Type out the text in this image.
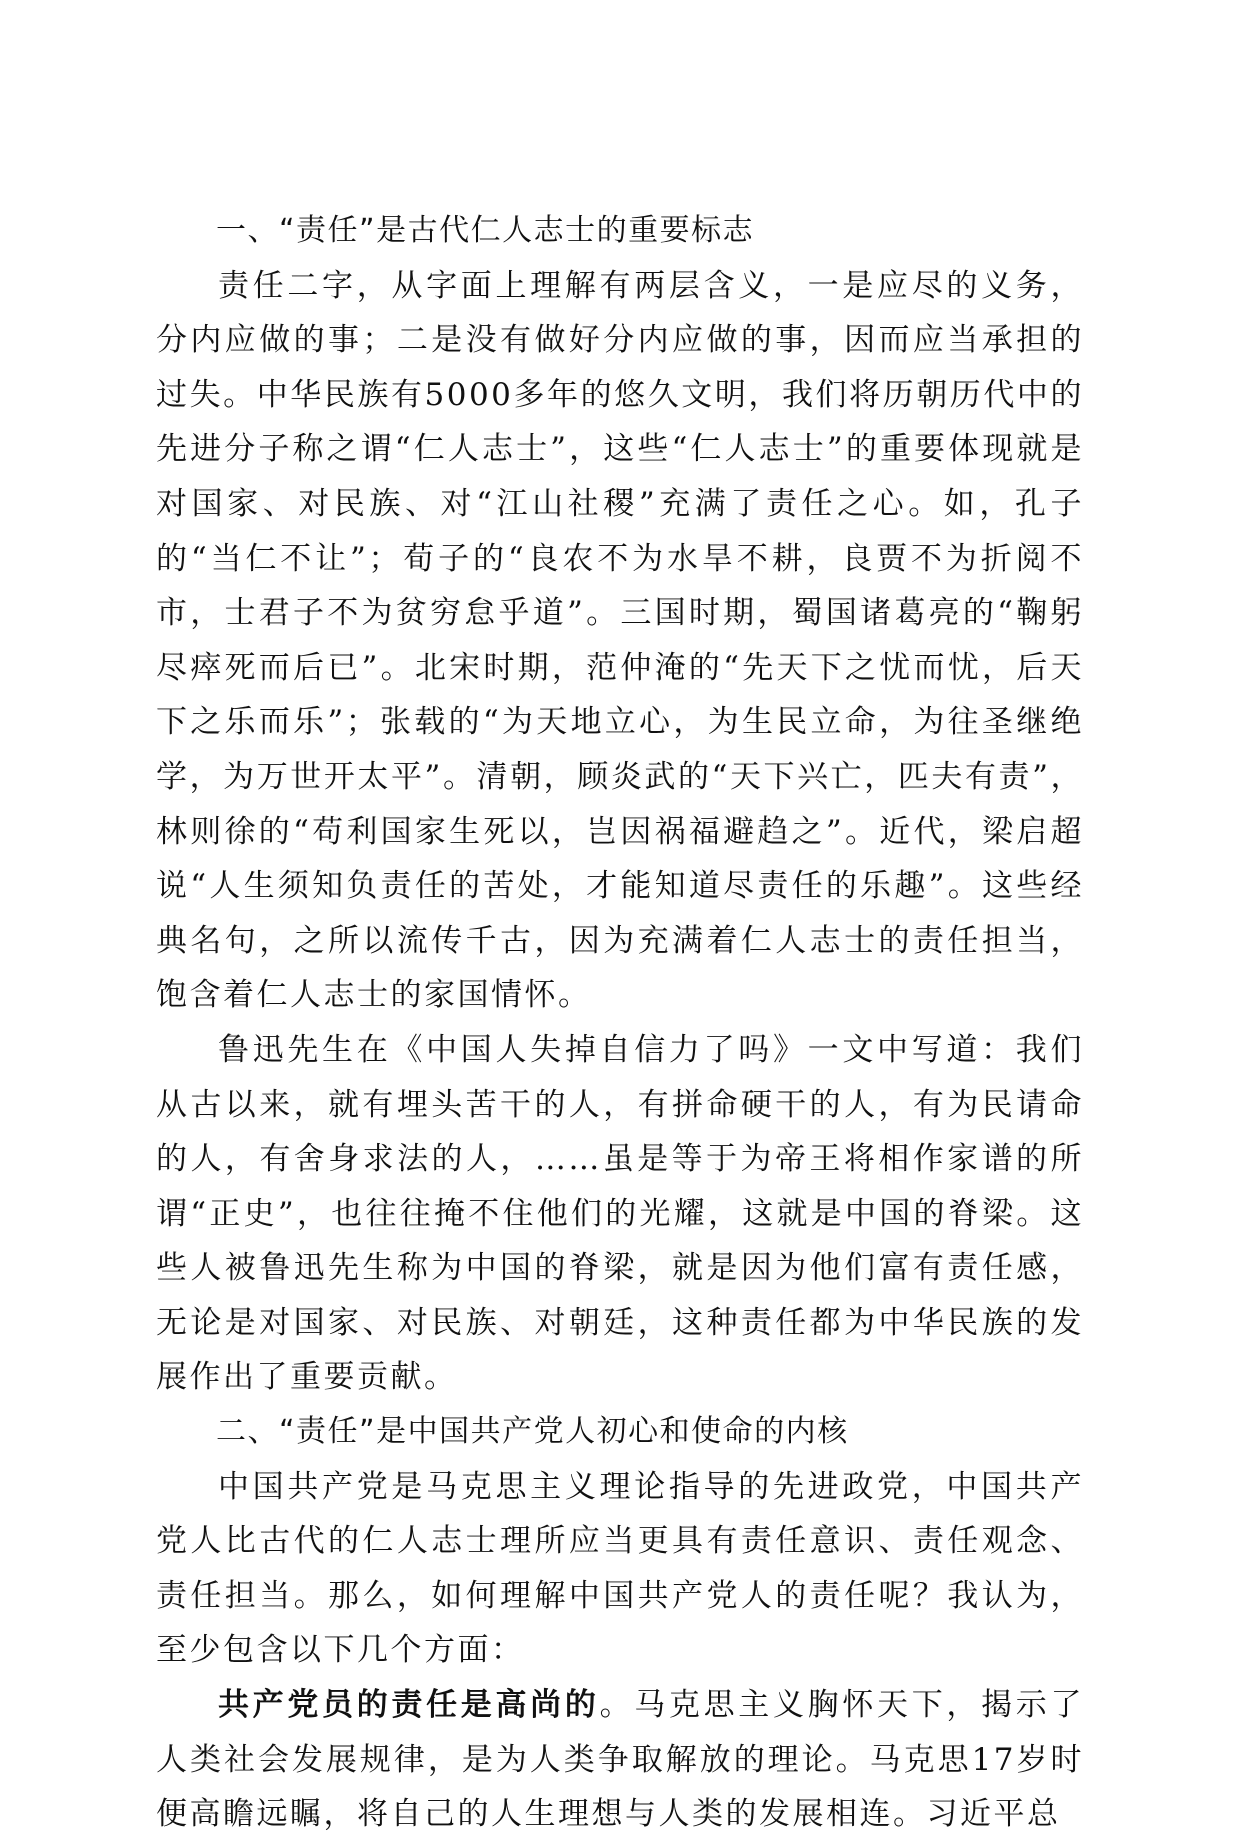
一、“责任”是古代仁人志士的重要标志

责任二字，从字面上理解有两层含义，一是应尽的义务，分内应做的事；二是没有做好分内应做的事，因而应当承担的过失。中华民族有5000多年的悠久文明，我们将历朝历代中的先进分子称之谓“仁人志士”，这些“仁人志士”的重要体现就是对国家、对民族、对“江山社稷”充满了责任之心。如，孔子的“当仁不让”；荀子的“良农不为水旱不耕，良贾不为折阅不市，士君子不为贫穷怠乎道”。三国时期，蜀国诸葛亮的“鞠躬尽瘁死而后已”。北宋时期，范仲淹的“先天下之忧而忧，后天下之乐而乐”；张载的“为天地立心，为生民立命，为往圣继绝学，为万世开太平”。清朝，顾炎武的“天下兴亡，匹夫有责”，林则徐的“苟利国家生死以，岂因祸福避趋之”。近代，梁启超说“人生须知负责任的苦处，才能知道尽责任的乐趣”。这些经典名句，之所以流传千古，因为充满着仁人志士的责任担当，饱含着仁人志士的家国情怀。

鲁迅先生在《中国人失掉自信力了吗》一文中写道：我们从古以来，就有埋头苦干的人，有拼命硬干的人，有为民请命的人，有舍身求法的人，……虽是等于为帝王将相作家谱的所谓“正史”，也往往掩不住他们的光耀，这就是中国的脊梁。这些人被鲁迅先生称为中国的脊梁，就是因为他们富有责任感，无论是对国家、对民族、对朝廷，这种责任都为中华民族的发展作出了重要贡献。

二、“责任”是中国共产党人初心和使命的内核

中国共产党是马克思主义理论指导的先进政党，中国共产党人比古代的仁人志士理所应当更具有责任意识、责任观念、责任担当。那么，如何理解中国共产党人的责任呢？我认为，至少包含以下几个方面：

共产党员的责任是高尚的。马克思主义胸怀天下，揭示了人类社会发展规律，是为人类争取解放的理论。马克思17岁时便高瞻远瞩，将自己的人生理想与人类的发展相连。习近平总
